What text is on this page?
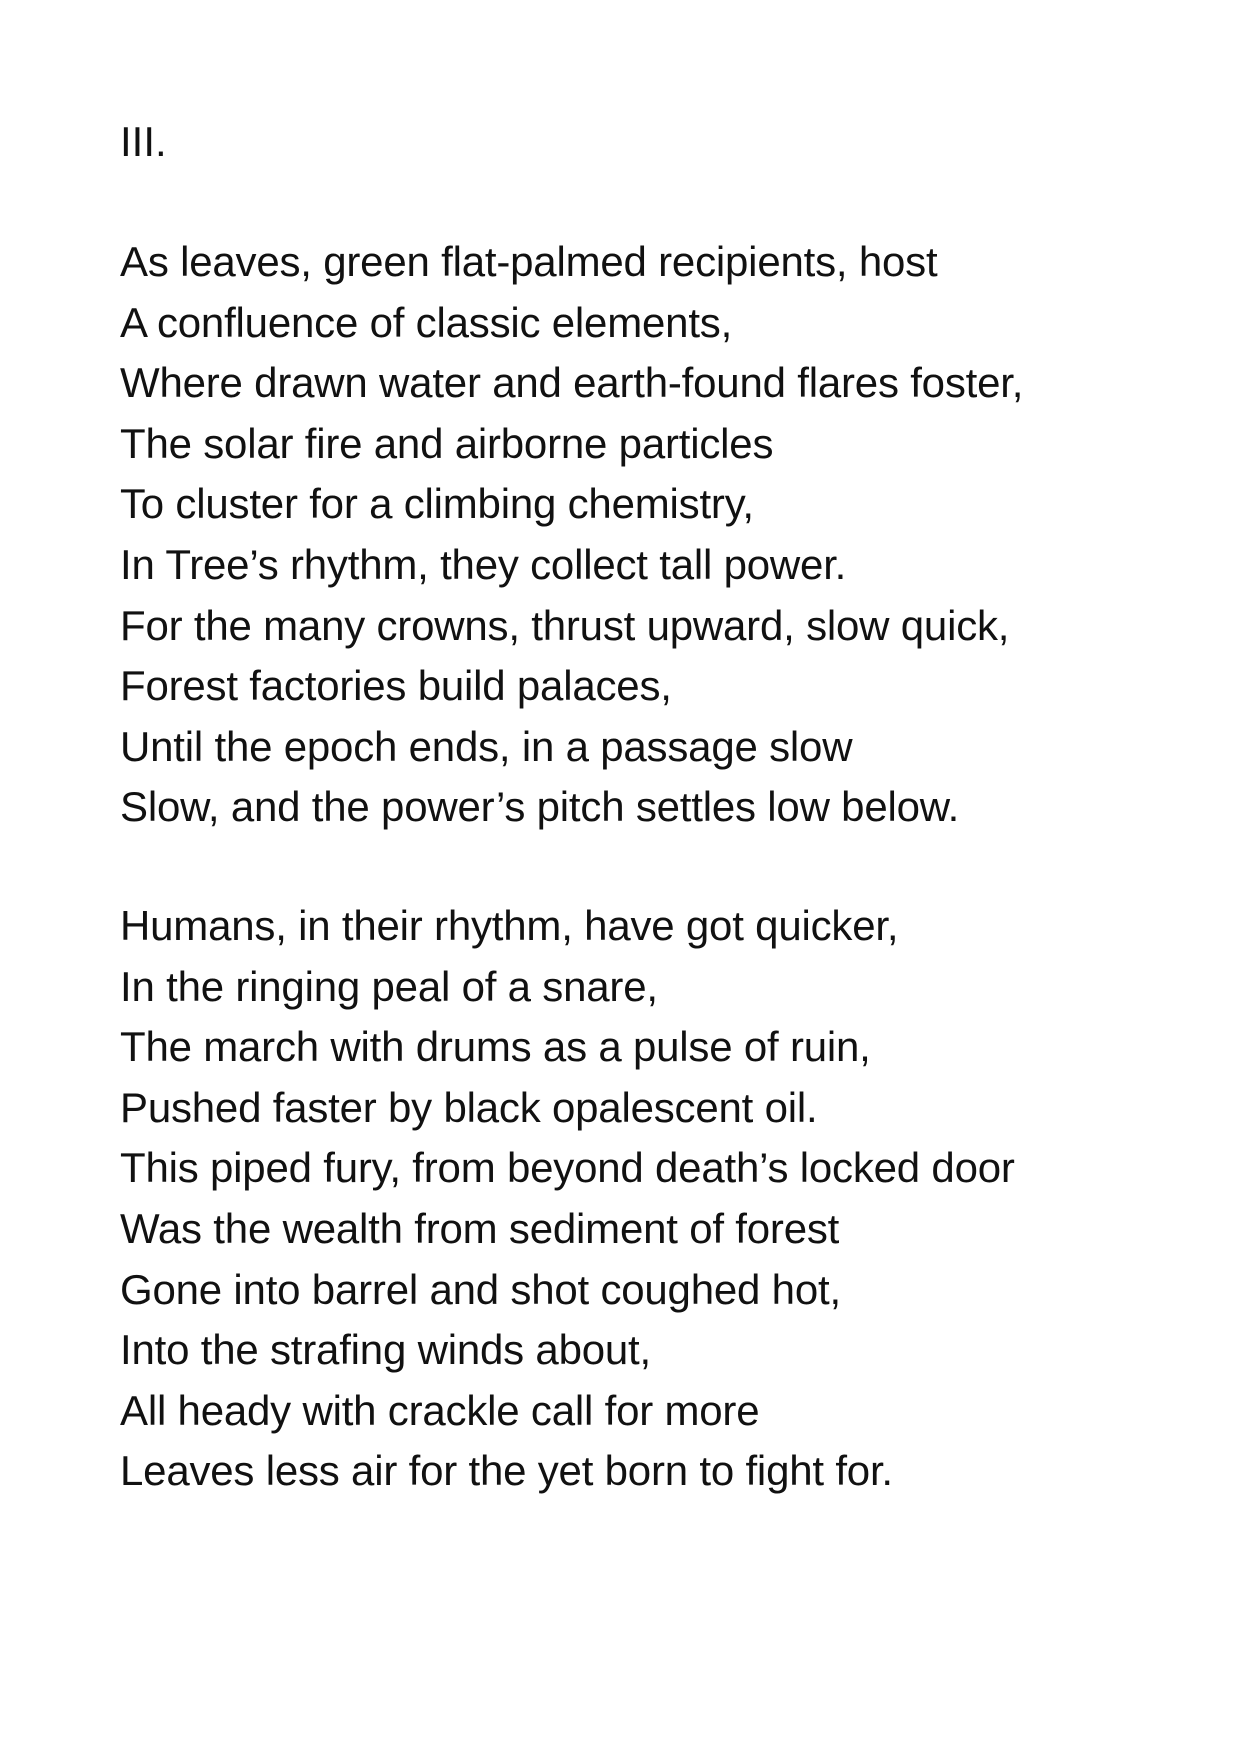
III.
As leaves, green flat-palmed recipients, host
A confluence of classic elements,
Where drawn water and earth-found flares foster,
The solar fire and airborne particles
To cluster for a climbing chemistry,
In Tree’s rhythm, they collect tall power.
For the many crowns, thrust upward, slow quick,
Forest factories build palaces,
Until the epoch ends, in a passage slow
Slow, and the power’s pitch settles low below.
Humans, in their rhythm, have got quicker,
In the ringing peal of a snare,
The march with drums as a pulse of ruin,
Pushed faster by black opalescent oil.
This piped fury, from beyond death’s locked door
Was the wealth from sediment of forest
Gone into barrel and shot coughed hot,
Into the strafing winds about,
All heady with crackle call for more
Leaves less air for the yet born to fight for.
